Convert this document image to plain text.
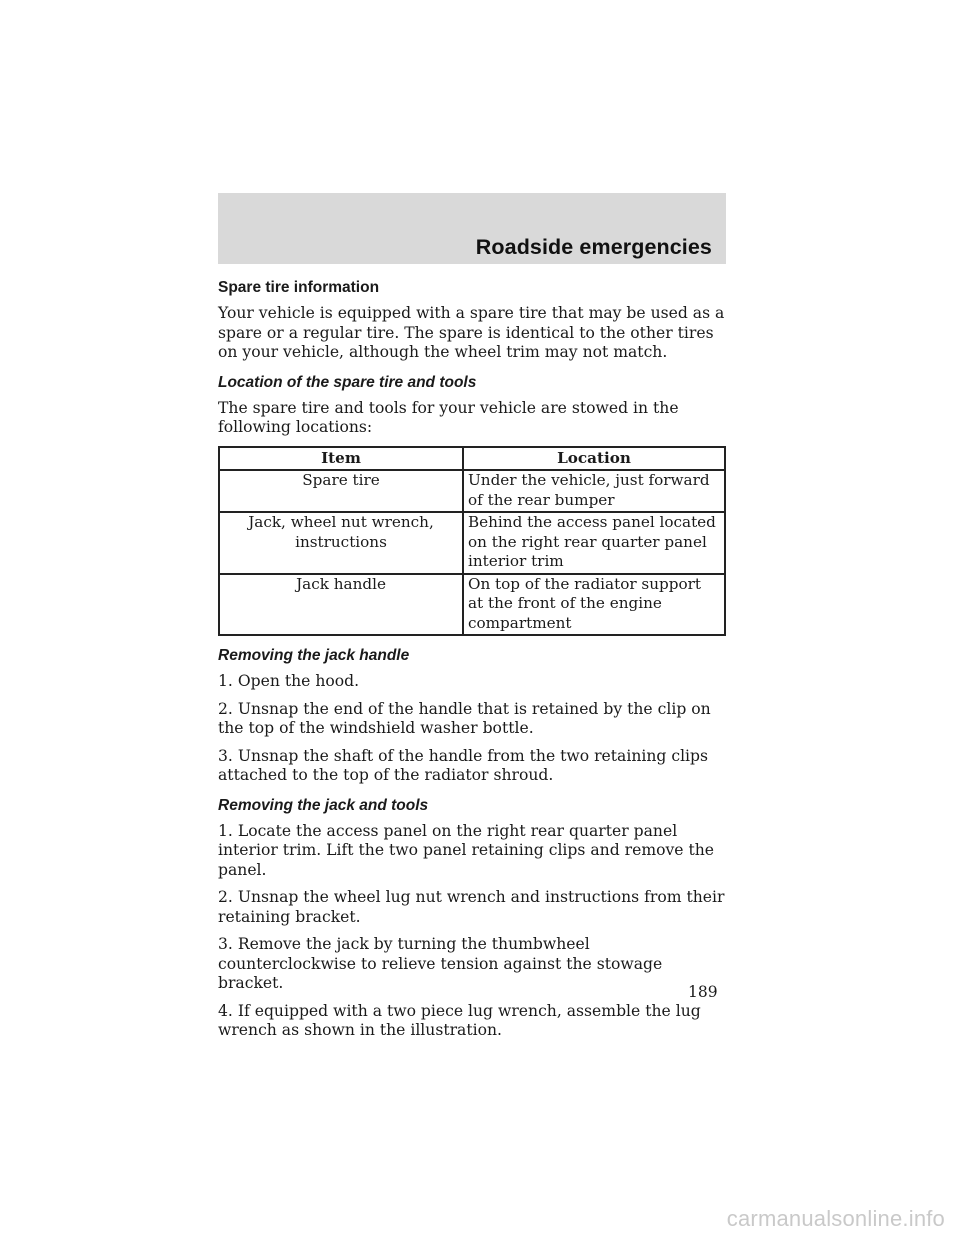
Roadside emergencies
Spare tire information

Your vehicle is equipped with a spare tire that may be used as a spare or a regular tire. The spare is identical to the other tires on your vehicle, although the wheel trim may not match.

Location of the spare tire and tools

The spare tire and tools for your vehicle are stowed in the following locations:

Item	Location
Spare tire	Under the vehicle, just forward of the rear bumper
Jack, wheel nut wrench, instructions	Behind the access panel located on the right rear quarter panel interior trim
Jack handle	On top of the radiator support at the front of the engine compartment
Removing the jack handle

1. Open the hood.

2. Unsnap the end of the handle that is retained by the clip on the top of the windshield washer bottle.

3. Unsnap the shaft of the handle from the two retaining clips attached to the top of the radiator shroud.

Removing the jack and tools

1. Locate the access panel on the right rear quarter panel interior trim. Lift the two panel retaining clips and remove the panel.

2. Unsnap the wheel lug nut wrench and instructions from their retaining bracket.

3. Remove the jack by turning the thumbwheel counterclockwise to relieve tension against the stowage bracket.

4. If equipped with a two piece lug wrench, assemble the lug wrench as shown in the illustration.

189
carmanualsonline.info
